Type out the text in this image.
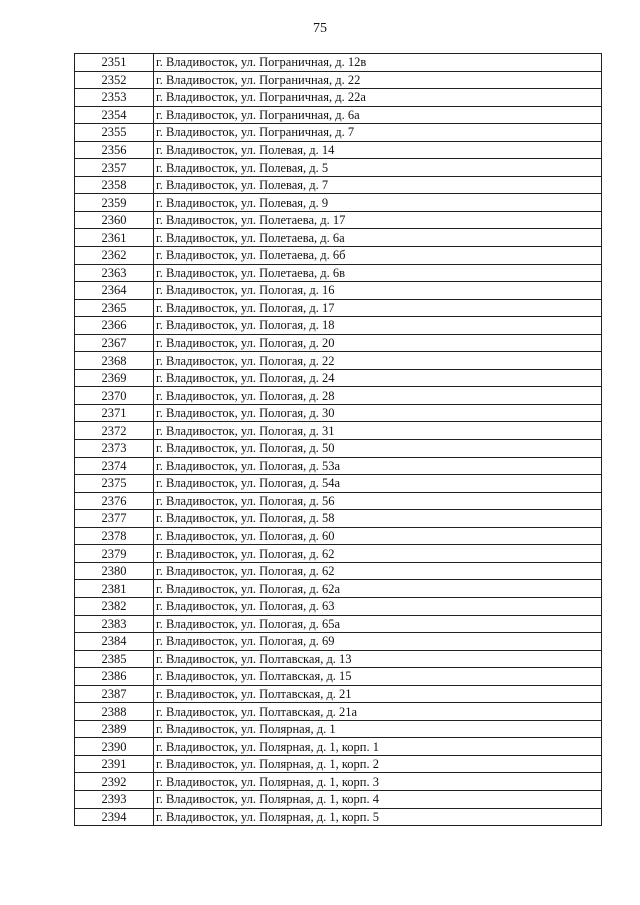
75
2351	г. Владивосток, ул. Пограничная, д. 12в
2352	г. Владивосток, ул. Пограничная, д. 22
2353	г. Владивосток, ул. Пограничная, д. 22а
2354	г. Владивосток, ул. Пограничная, д. 6а
2355	г. Владивосток, ул. Пограничная, д. 7
2356	г. Владивосток, ул. Полевая, д. 14
2357	г. Владивосток, ул. Полевая, д. 5
2358	г. Владивосток, ул. Полевая, д. 7
2359	г. Владивосток, ул. Полевая, д. 9
2360	г. Владивосток, ул. Полетаева, д. 17
2361	г. Владивосток, ул. Полетаева, д. 6а
2362	г. Владивосток, ул. Полетаева, д. 6б
2363	г. Владивосток, ул. Полетаева, д. 6в
2364	г. Владивосток, ул. Пологая, д. 16
2365	г. Владивосток, ул. Пологая, д. 17
2366	г. Владивосток, ул. Пологая, д. 18
2367	г. Владивосток, ул. Пологая, д. 20
2368	г. Владивосток, ул. Пологая, д. 22
2369	г. Владивосток, ул. Пологая, д. 24
2370	г. Владивосток, ул. Пологая, д. 28
2371	г. Владивосток, ул. Пологая, д. 30
2372	г. Владивосток, ул. Пологая, д. 31
2373	г. Владивосток, ул. Пологая, д. 50
2374	г. Владивосток, ул. Пологая, д. 53а
2375	г. Владивосток, ул. Пологая, д. 54а
2376	г. Владивосток, ул. Пологая, д. 56
2377	г. Владивосток, ул. Пологая, д. 58
2378	г. Владивосток, ул. Пологая, д. 60
2379	г. Владивосток, ул. Пологая, д. 62
2380	г. Владивосток, ул. Пологая, д. 62
2381	г. Владивосток, ул. Пологая, д. 62а
2382	г. Владивосток, ул. Пологая, д. 63
2383	г. Владивосток, ул. Пологая, д. 65а
2384	г. Владивосток, ул. Пологая, д. 69
2385	г. Владивосток, ул. Полтавская, д. 13
2386	г. Владивосток, ул. Полтавская, д. 15
2387	г. Владивосток, ул. Полтавская, д. 21
2388	г. Владивосток, ул. Полтавская, д. 21а
2389	г. Владивосток, ул. Полярная, д. 1
2390	г. Владивосток, ул. Полярная, д. 1, корп. 1
2391	г. Владивосток, ул. Полярная, д. 1, корп. 2
2392	г. Владивосток, ул. Полярная, д. 1, корп. 3
2393	г. Владивосток, ул. Полярная, д. 1, корп. 4
2394	г. Владивосток, ул. Полярная, д. 1, корп. 5
